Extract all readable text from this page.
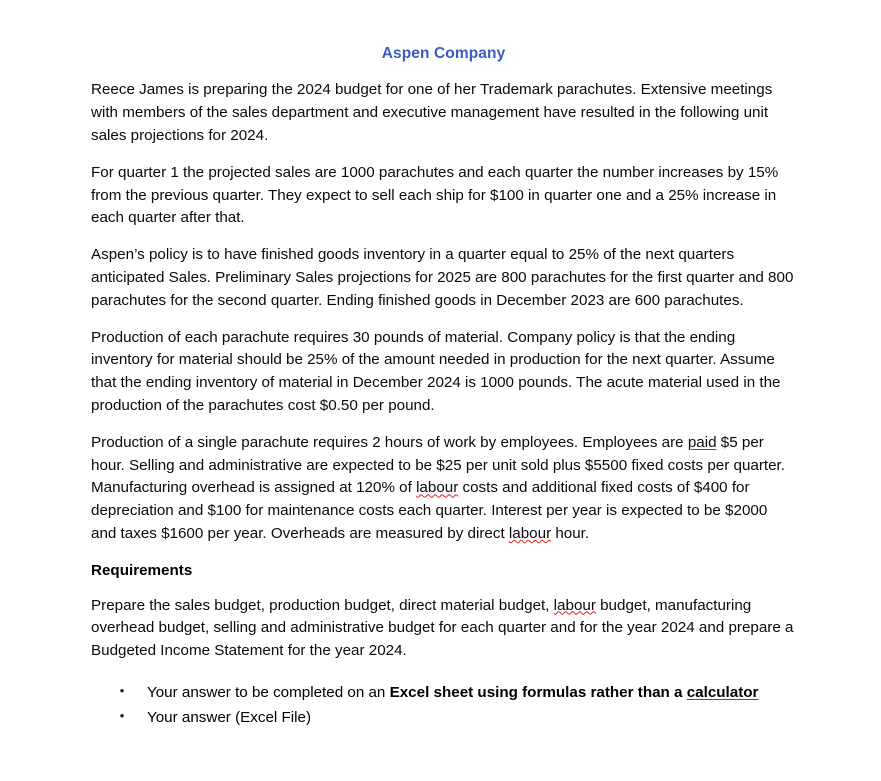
Aspen Company

Reece James is preparing the 2024 budget for one of her Trademark parachutes. Extensive meetings with members of the sales department and executive management have resulted in the following unit sales projections for 2024.

For quarter 1 the projected sales are 1000 parachutes and each quarter the number increases by 15% from the previous quarter. They expect to sell each ship for $100 in quarter one and a 25% increase in each quarter after that.

Aspen’s policy is to have finished goods inventory in a quarter equal to 25% of the next quarters anticipated Sales. Preliminary Sales projections for 2025 are 800 parachutes for the first quarter and 800 parachutes for the second quarter. Ending finished goods in December 2023 are 600 parachutes.

Production of each parachute requires 30 pounds of material. Company policy is that the ending inventory for material should be 25% of the amount needed in production for the next quarter. Assume that the ending inventory of material in December 2024 is 1000 pounds. The acute material used in the production of the parachutes cost $0.50 per pound.

Production of a single parachute requires 2 hours of work by employees. Employees are paid $5 per hour. Selling and administrative are expected to be $25 per unit sold plus $5500 fixed costs per quarter. Manufacturing overhead is assigned at 120% of labour costs and additional fixed costs of $400 for depreciation and $100 for maintenance costs each quarter. Interest per year is expected to be $2000 and taxes $1600 per year. Overheads are measured by direct labour hour.

Requirements

Prepare the sales budget, production budget, direct material budget, labour budget, manufacturing overhead budget, selling and administrative budget for each quarter and for the year 2024 and prepare a Budgeted Income Statement for the year 2024.

• Your answer to be completed on an Excel sheet using formulas rather than a calculator
• Your answer (Excel File)
